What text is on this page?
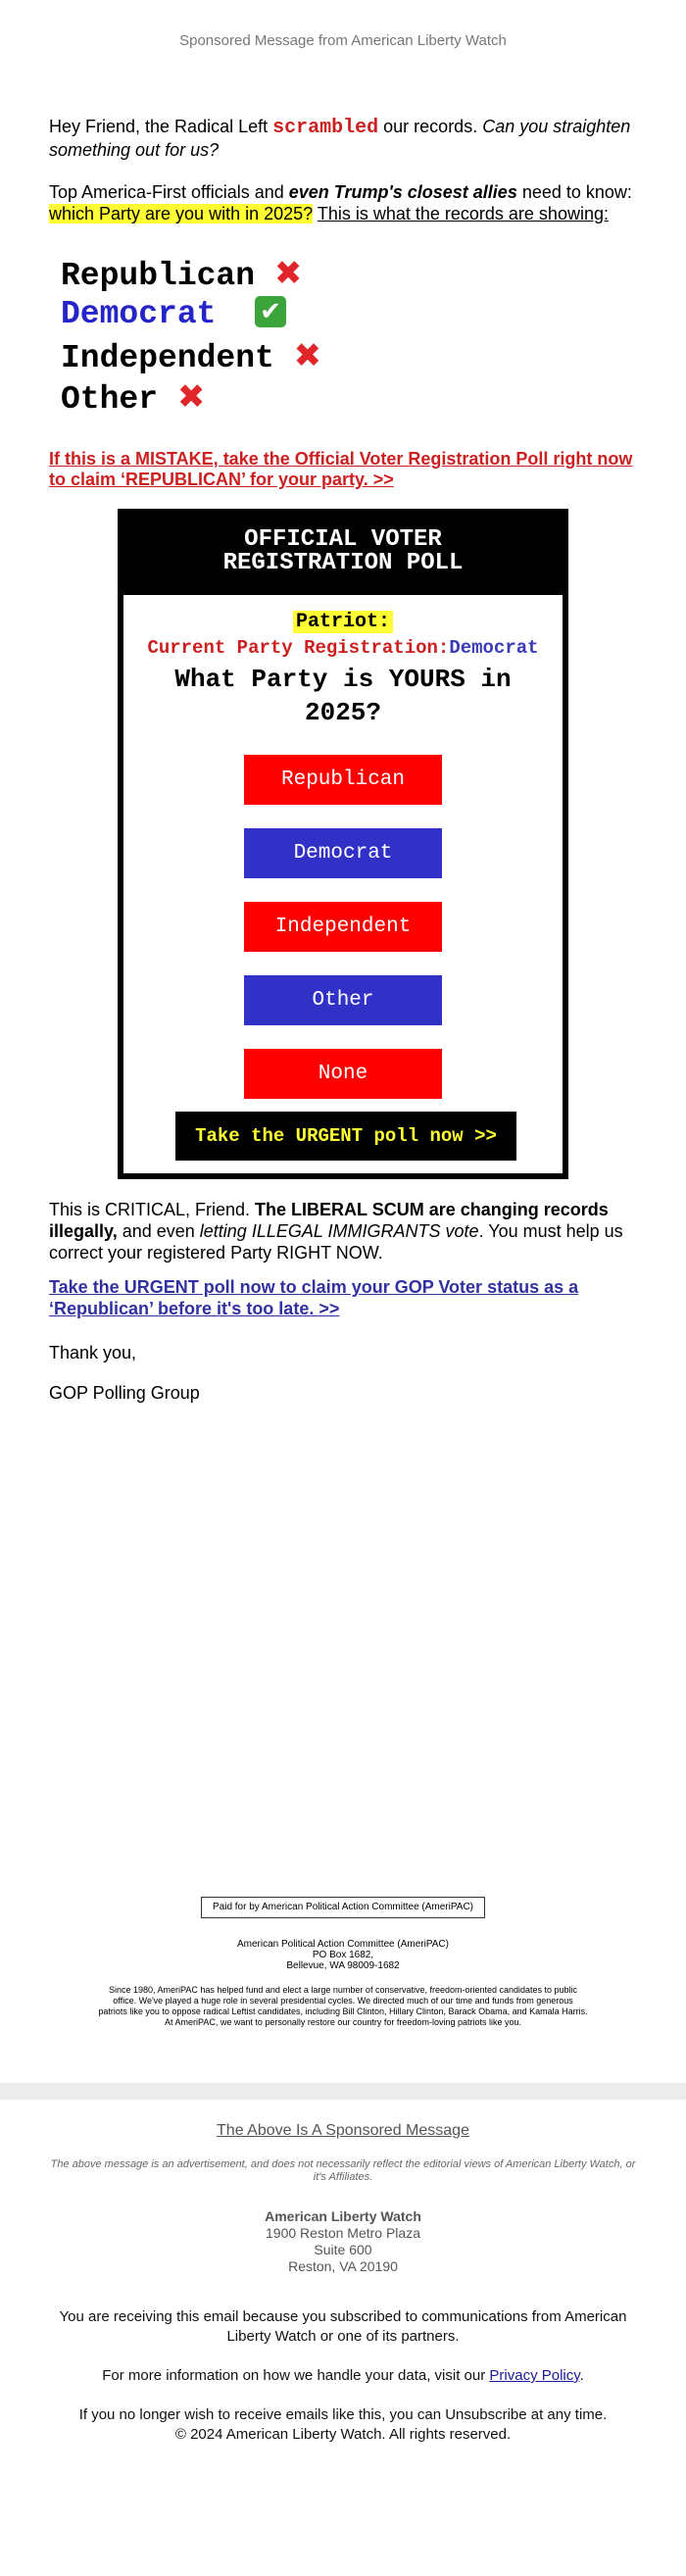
Sponsored Message from American Liberty Watch
Hey Friend, the Radical Left scrambled our records. Can you straighten something out for us?
Top America-First officials and even Trump's closest allies need to know: which Party are you with in 2025? This is what the records are showing:
Republican ✖
Democrat ✔
Independent ✖
Other ✖
If this is a MISTAKE, take the Official Voter Registration Poll right now to claim ‘REPUBLICAN’ for your party. >>
OFFICIAL VOTER
REGISTRATION POLL
Patriot:
Current Party Registration:Democrat
What Party is YOURS in 2025?
Republican
Democrat
Independent
Other
None
Take the URGENT poll now >>
This is CRITICAL, Friend. The LIBERAL SCUM are changing records illegally, and even letting ILLEGAL IMMIGRANTS vote. You must help us correct your registered Party RIGHT NOW.
Take the URGENT poll now to claim your GOP Voter status as a ‘Republican’ before it's too late. >>
Thank you,
GOP Polling Group
Paid for by American Political Action Committee (AmeriPAC)
American Political Action Committee (AmeriPAC)
PO Box 1682,
Bellevue, WA 98009-1682
Since 1980, AmeriPAC has helped fund and elect a large number of conservative, freedom-oriented candidates to public office. We've played a huge role in several presidential cycles. We directed much of our time and funds from generous patriots like you to oppose radical Leftist candidates, including Bill Clinton, Hillary Clinton, Barack Obama, and Kamala Harris. At AmeriPAC, we want to personally restore our country for freedom-loving patriots like you.
The Above Is A Sponsored Message
The above message is an advertisement, and does not necessarily reflect the editorial views of American Liberty Watch, or it's Affiliates.
American Liberty Watch
1900 Reston Metro Plaza
Suite 600
Reston, VA 20190
You are receiving this email because you subscribed to communications from American Liberty Watch or one of its partners.
For more information on how we handle your data, visit our Privacy Policy.
If you no longer wish to receive emails like this, you can Unsubscribe at any time.
© 2024 American Liberty Watch. All rights reserved.
